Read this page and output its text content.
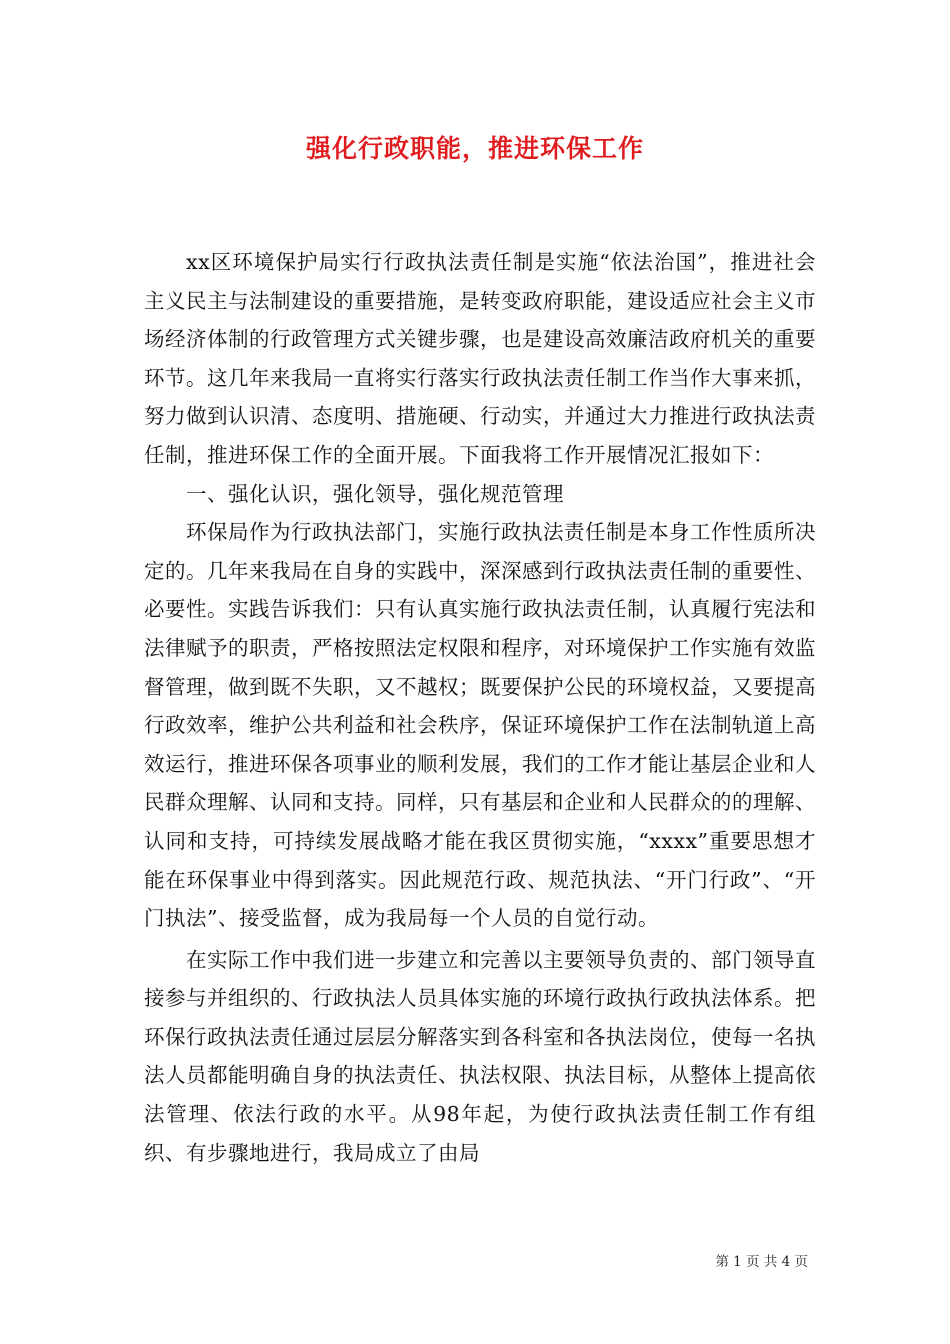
强化行政职能，推进环保工作

xx区环境保护局实行行政执法责任制是实施“依法治国”，推进社会主义民主与法制建设的重要措施，是转变政府职能，建设适应社会主义市场经济体制的行政管理方式关键步骤，也是建设高效廉洁政府机关的重要环节。这几年来我局一直将实行落实行政执法责任制工作当作大事来抓，努力做到认识清、态度明、措施硬、行动实，并通过大力推进行政执法责任制，推进环保工作的全面开展。下面我将工作开展情况汇报如下：

一、强化认识，强化领导，强化规范管理

环保局作为行政执法部门，实施行政执法责任制是本身工作性质所决定的。几年来我局在自身的实践中，深深感到行政执法责任制的重要性、必要性。实践告诉我们：只有认真实施行政执法责任制，认真履行宪法和法律赋予的职责，严格按照法定权限和程序，对环境保护工作实施有效监督管理，做到既不失职，又不越权；既要保护公民的环境权益，又要提高行政效率，维护公共利益和社会秩序，保证环境保护工作在法制轨道上高效运行，推进环保各项事业的顺利发展，我们的工作才能让基层企业和人民群众理解、认同和支持。同样，只有基层和企业和人民群众的的理解、认同和支持，可持续发展战略才能在我区贯彻实施，“xxxx”重要思想才能在环保事业中得到落实。因此规范行政、规范执法、“开门行政”、“开门执法”、接受监督，成为我局每一个人员的自觉行动。

在实际工作中我们进一步建立和完善以主要领导负责的、部门领导直接参与并组织的、行政执法人员具体实施的环境行政执行政执法体系。把环保行政执法责任通过层层分解落实到各科室和各执法岗位，使每一名执法人员都能明确自身的执法责任、执法权限、执法目标，从整体上提高依法管理、依法行政的水平。从98年起，为使行政执法责任制工作有组织、有步骤地进行，我局成立了由局

第 1 页 共 4 页
